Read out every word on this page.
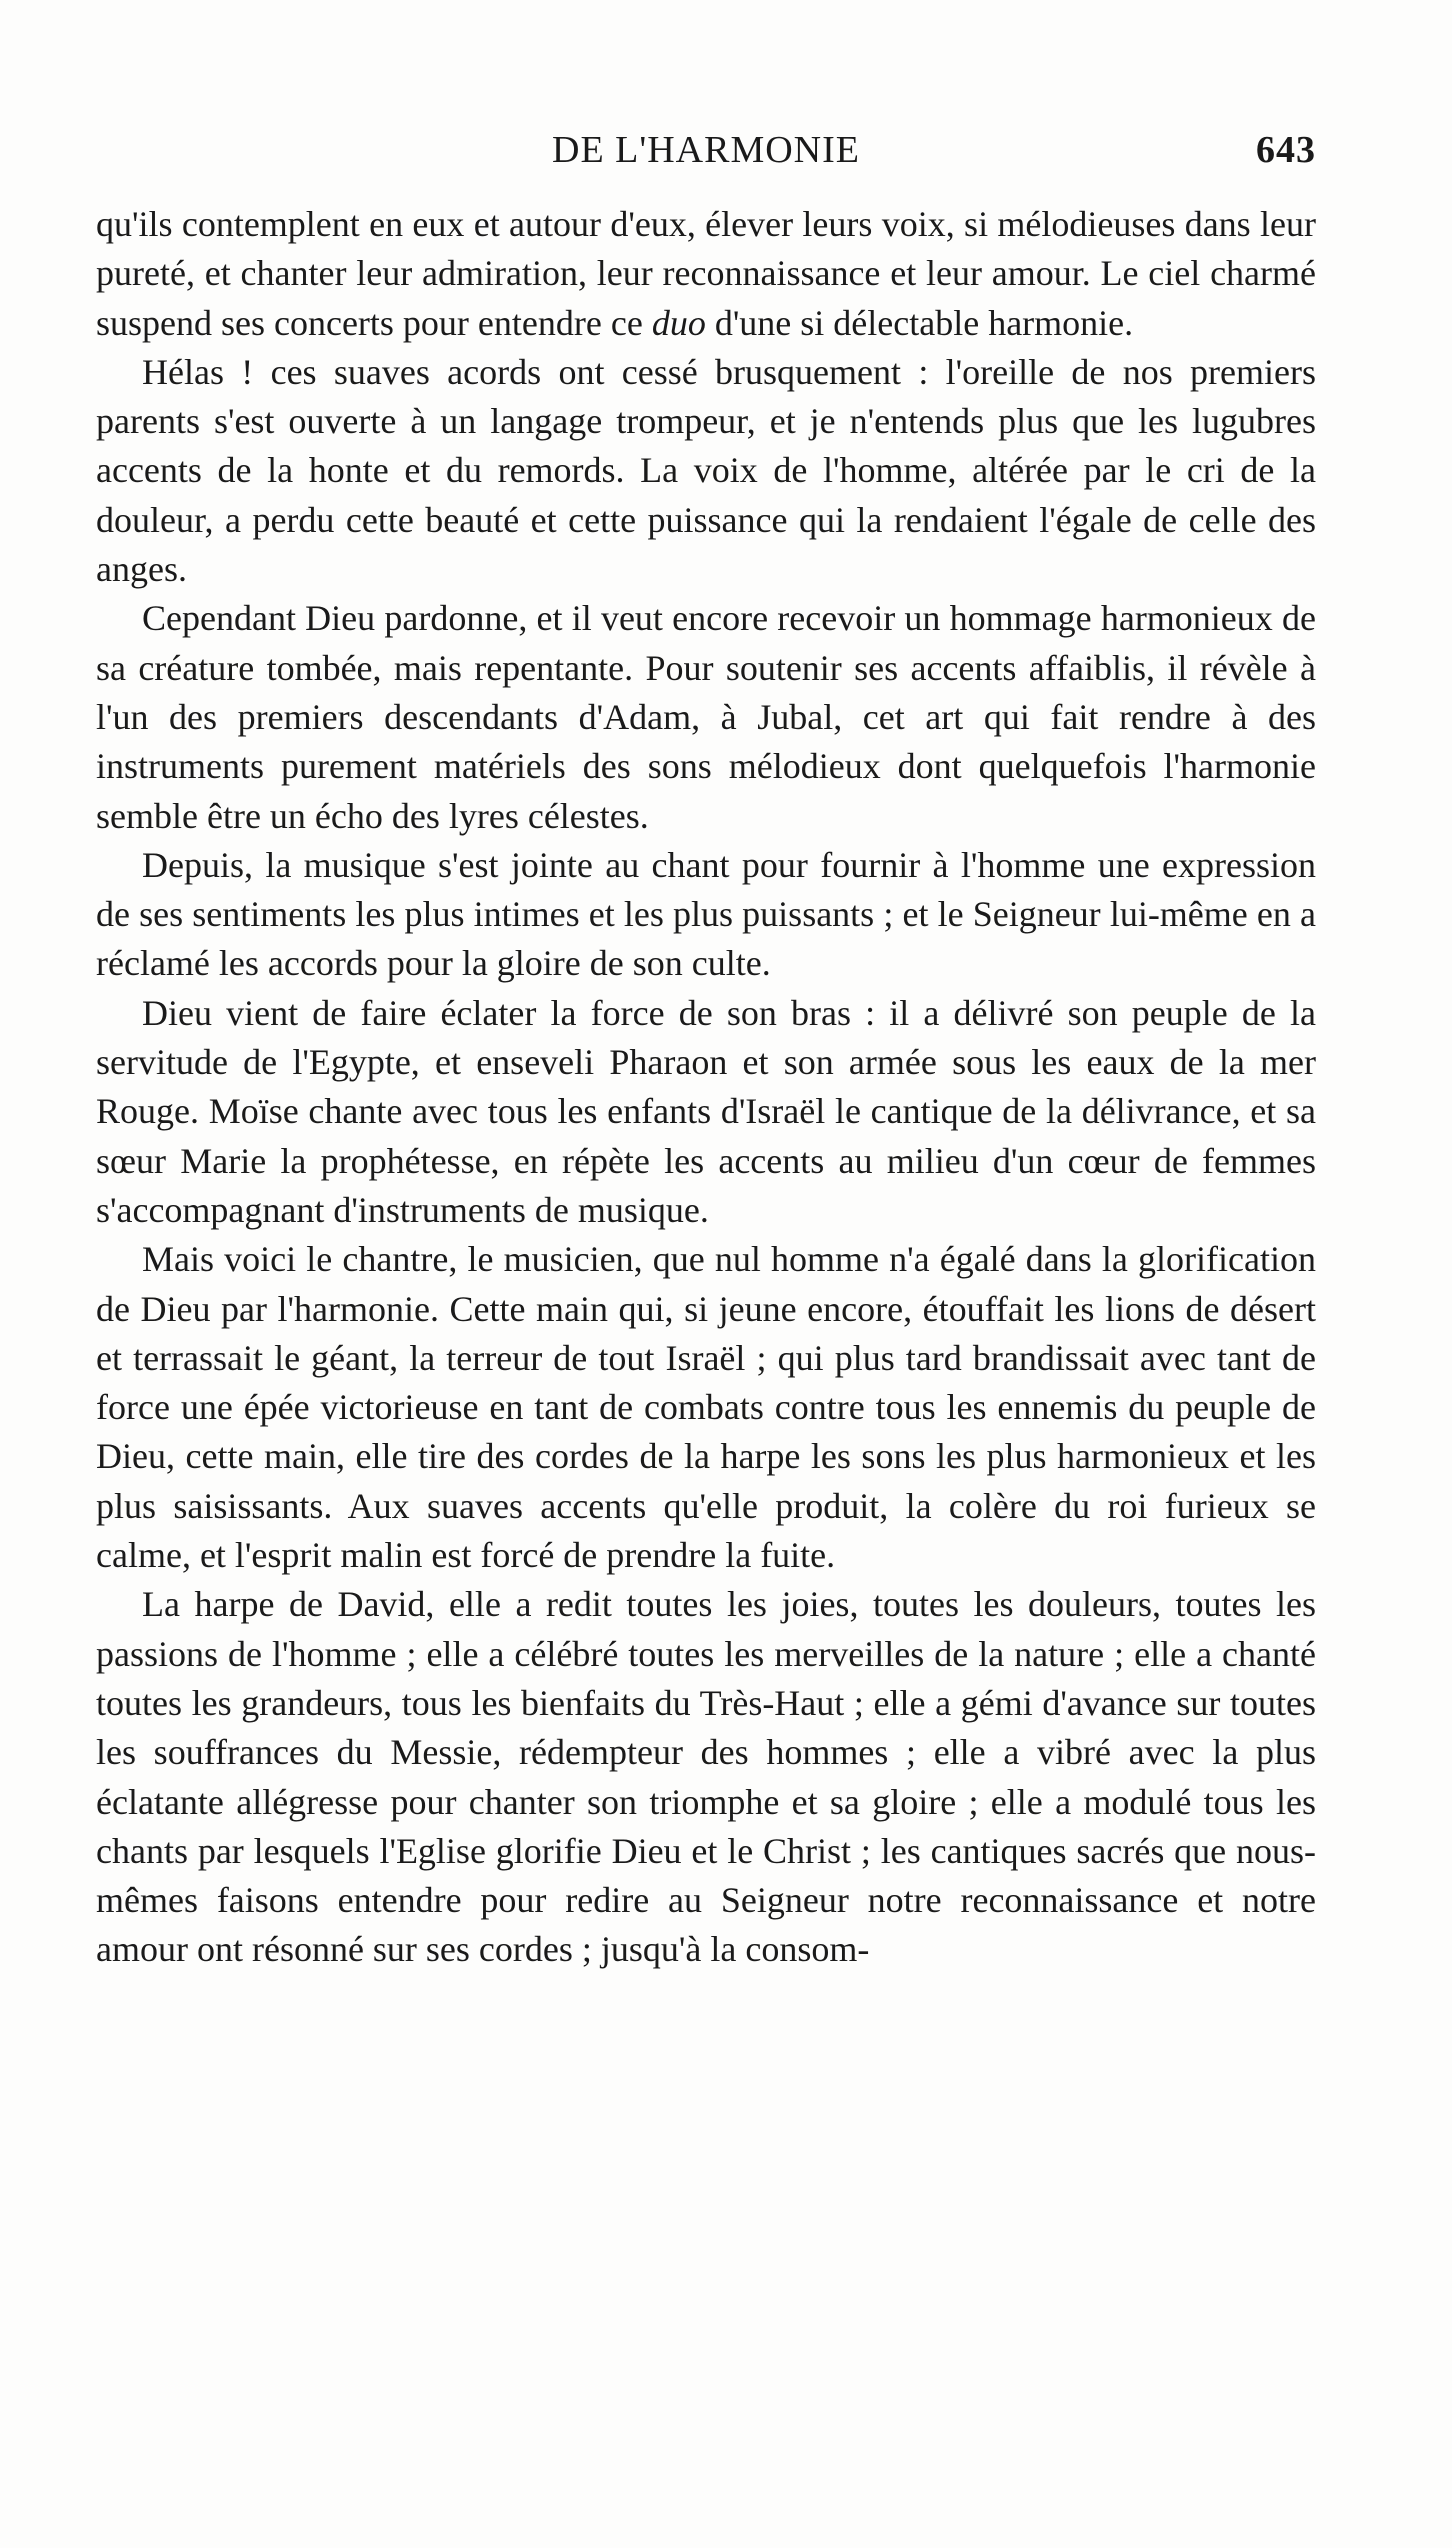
DE L'HARMONIE	643

qu'ils contemplent en eux et autour d'eux, élever leurs voix, si mélodieuses dans leur pureté, et chanter leur admiration, leur reconnaissance et leur amour. Le ciel charmé suspend ses concerts pour entendre ce duo d'une si délectable harmonie.

Hélas ! ces suaves acords ont cessé brusquement : l'oreille de nos premiers parents s'est ouverte à un langage trompeur, et je n'entends plus que les lugubres accents de la honte et du remords. La voix de l'homme, altérée par le cri de la douleur, a perdu cette beauté et cette puissance qui la rendaient l'égale de celle des anges.

Cependant Dieu pardonne, et il veut encore recevoir un hommage harmonieux de sa créature tombée, mais repentante. Pour soutenir ses accents affaiblis, il révèle à l'un des premiers descendants d'Adam, à Jubal, cet art qui fait rendre à des instruments purement matériels des sons mélodieux dont quelquefois l'harmonie semble être un écho des lyres célestes.

Depuis, la musique s'est jointe au chant pour fournir à l'homme une expression de ses sentiments les plus intimes et les plus puissants ; et le Seigneur lui-même en a réclamé les accords pour la gloire de son culte.

Dieu vient de faire éclater la force de son bras : il a délivré son peuple de la servitude de l'Egypte, et enseveli Pharaon et son armée sous les eaux de la mer Rouge. Moïse chante avec tous les enfants d'Israël le cantique de la délivrance, et sa sœur Marie la prophétesse, en répète les accents au milieu d'un cœur de femmes s'accompagnant d'instruments de musique.

Mais voici le chantre, le musicien, que nul homme n'a égalé dans la glorification de Dieu par l'harmonie. Cette main qui, si jeune encore, étouffait les lions de désert et terrassait le géant, la terreur de tout Israël ; qui plus tard brandissait avec tant de force une épée victorieuse en tant de combats contre tous les ennemis du peuple de Dieu, cette main, elle tire des cordes de la harpe les sons les plus harmonieux et les plus saisissants. Aux suaves accents qu'elle produit, la colère du roi furieux se calme, et l'esprit malin est forcé de prendre la fuite.

La harpe de David, elle a redit toutes les joies, toutes les douleurs, toutes les passions de l'homme ; elle a célébré toutes les merveilles de la nature ; elle a chanté toutes les grandeurs, tous les bienfaits du Très-Haut ; elle a gémi d'avance sur toutes les souffrances du Messie, rédempteur des hommes ; elle a vibré avec la plus éclatante allégresse pour chanter son triomphe et sa gloire ; elle a modulé tous les chants par lesquels l'Eglise glorifie Dieu et le Christ ; les cantiques sacrés que nous-mêmes faisons entendre pour redire au Seigneur notre reconnaissance et notre amour ont résonné sur ses cordes ; jusqu'à la consom-
